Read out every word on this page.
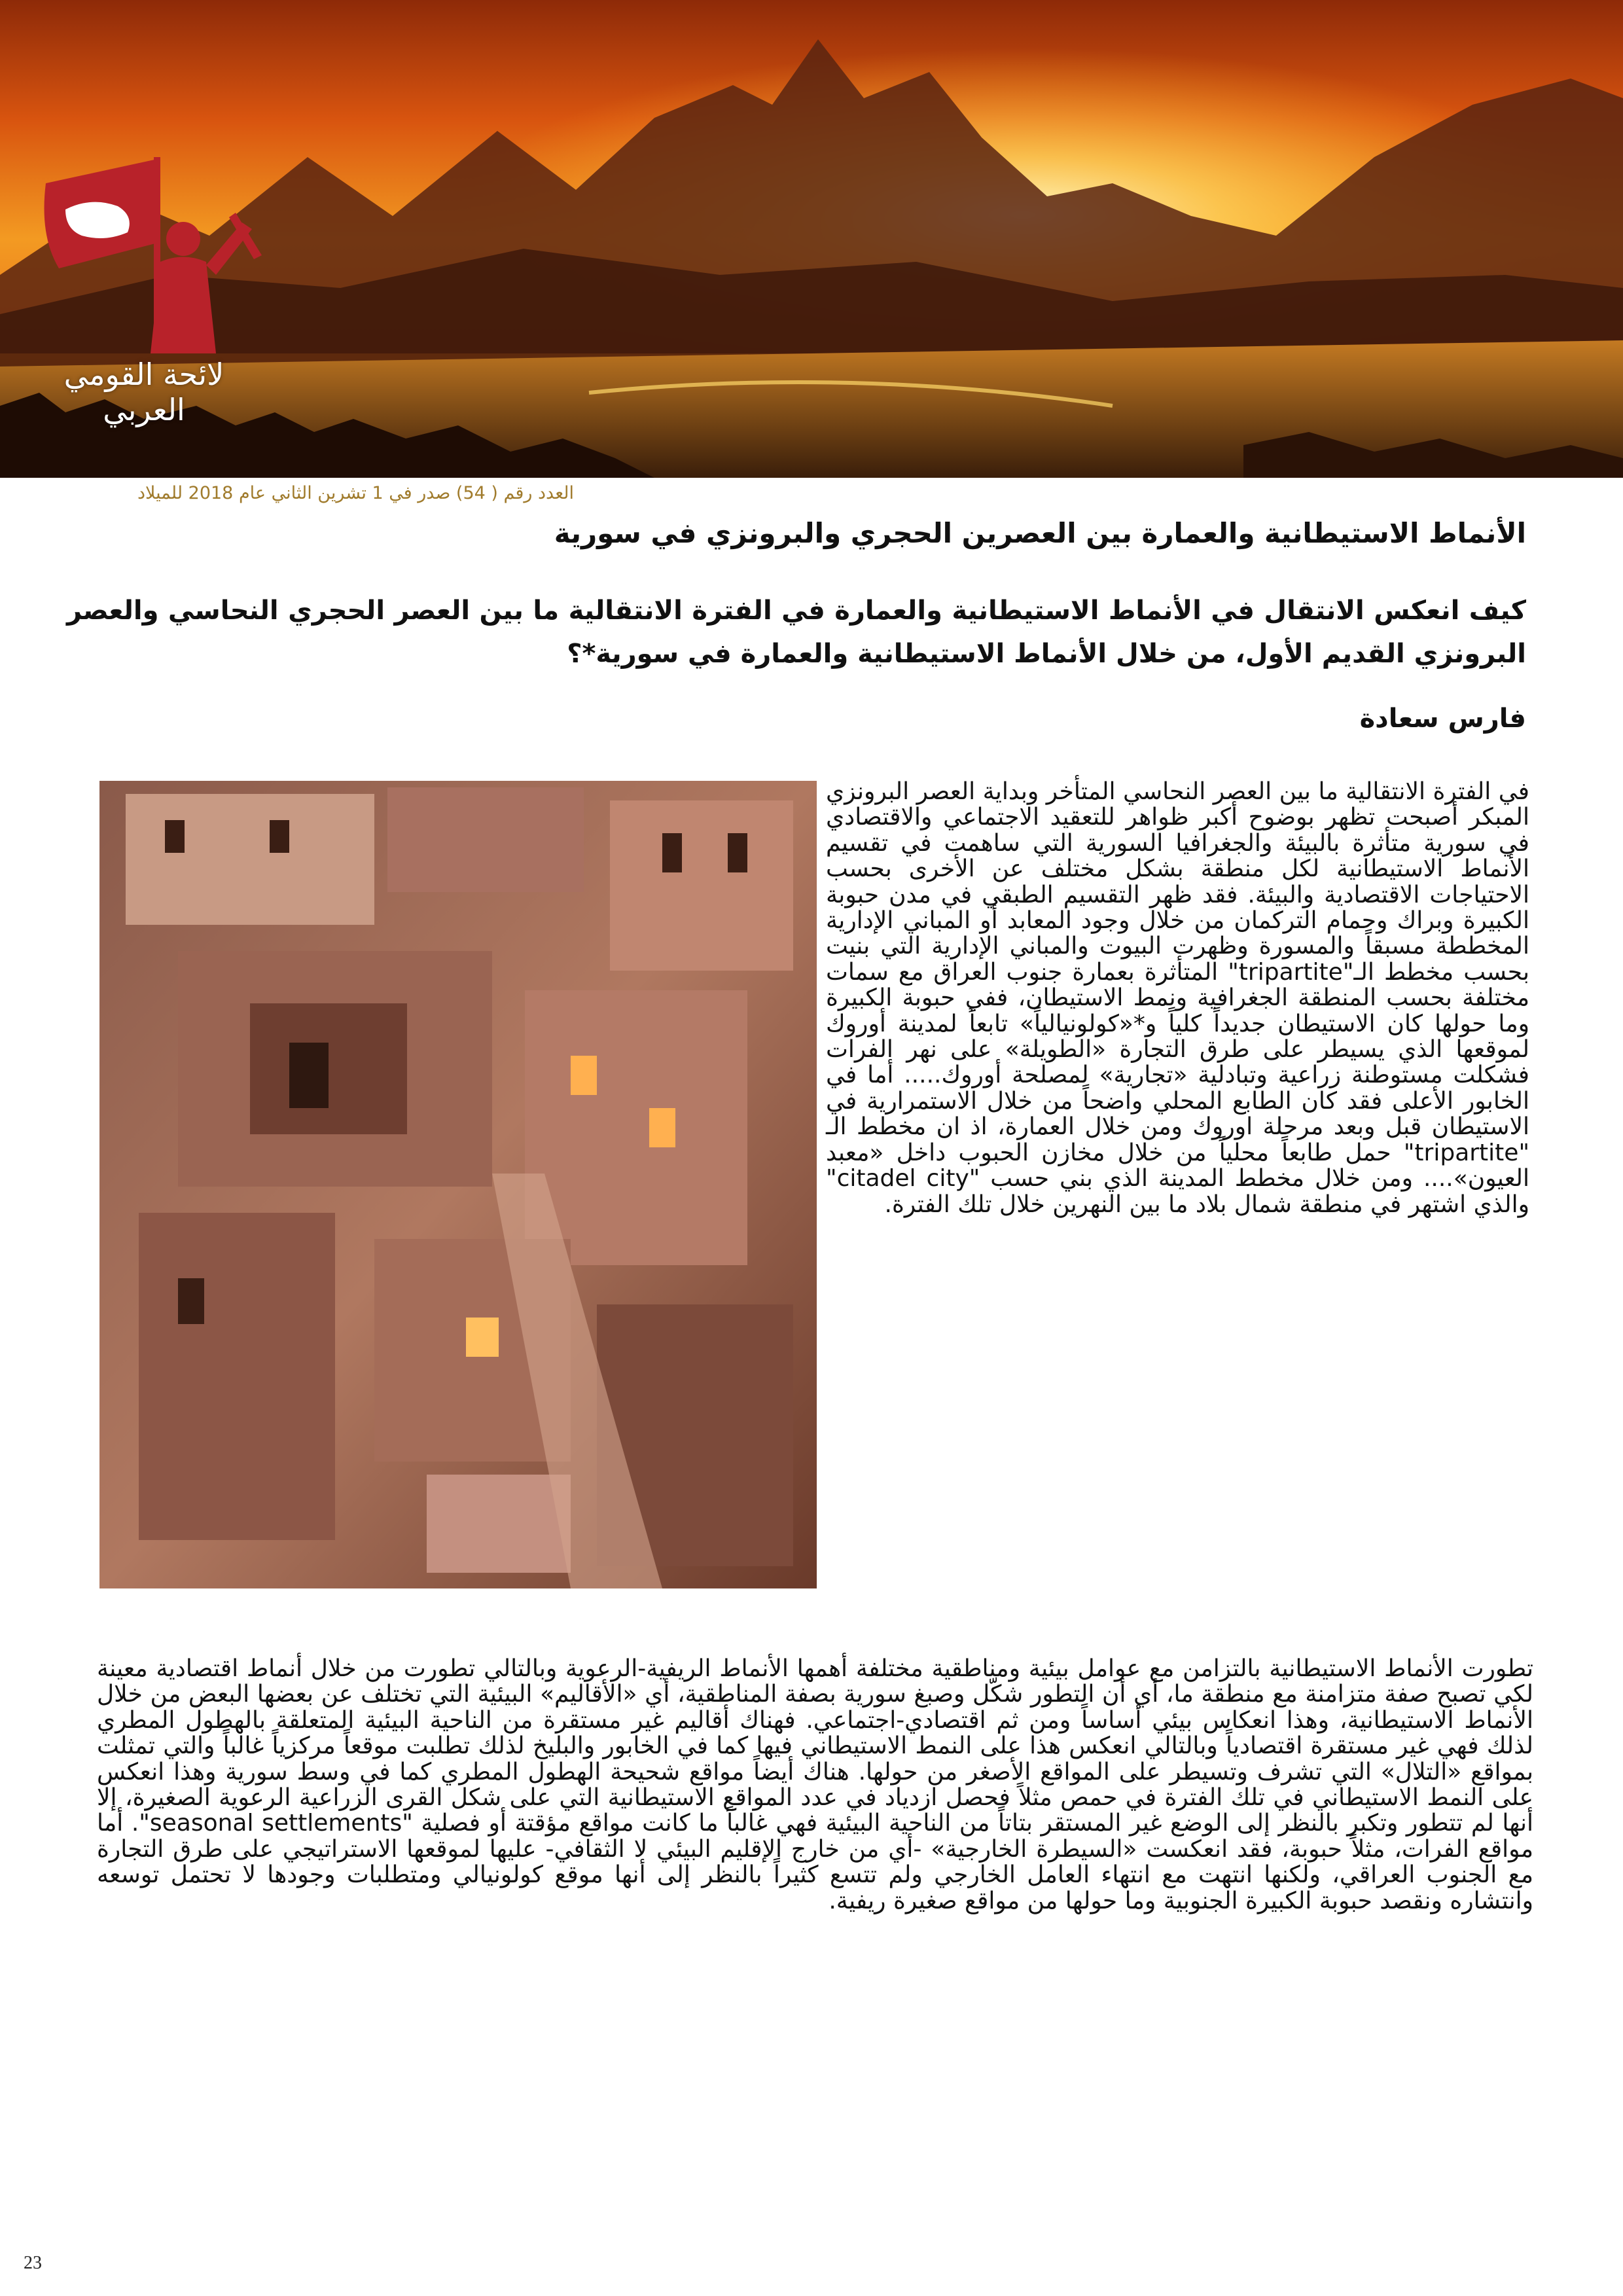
لائحة القومي العربي
العدد رقم ( 54) صدر في 1 تشرين الثاني عام 2018 للميلاد
الأنماط الاستيطانية والعمارة بين العصرين الحجري والبرونزي في سورية
كيف انعكس الانتقال في الأنماط الاستيطانية والعمارة في الفترة الانتقالية ما بين العصر الحجري النحاسي والعصر البرونزي القديم الأول، من خلال الأنماط الاستيطانية والعمارة في سورية*؟
فارس سعادة
في الفترة الانتقالية ما بين العصر النحاسي المتأخر وبداية العصر البرونزي المبكر أصبحت تظهر بوضوح أكبر ظواهر للتعقيد الاجتماعي والاقتصادي في سورية متأثرة بالبيئة والجغرافيا السورية التي ساهمت في تقسيم الأنماط الاستيطانية لكل منطقة بشكل مختلف عن الأخرى بحسب الاحتياجات الاقتصادية والبيئة. فقد ظهر التقسيم الطبقي في مدن حبوبة الكبيرة وبراك وحمام التركمان من خلال وجود المعابد أو المباني الإدارية المخططة مسبقاً والمسورة وظهرت البيوت والمباني الإدارية التي بنيت بحسب مخطط الـ"tripartite" المتأثرة بعمارة جنوب العراق مع سمات مختلفة بحسب المنطقة الجغرافية ونمط الاستيطان، ففي حبوبة الكبيرة وما حولها كان الاستيطان جديداً كلياً و*«كولونيالياً» تابعاً لمدينة أوروك لموقعها الذي يسيطر على طرق التجارة «الطويلة» على نهر الفرات فشكلت مستوطنة زراعية وتبادلية «تجارية» لمصلحة أوروك..... أما في الخابور الأعلى فقد كان الطابع المحلي واضحاً من خلال الاستمرارية في الاستيطان قبل وبعد مرحلة اوروك ومن خلال العمارة، اذ ان مخطط الـ "tripartite" حمل طابعاً محلياً من خلال مخازن الحبوب داخل «معبد العيون».... ومن خلال مخطط المدينة الذي بني حسب "citadel city" والذي اشتهر في منطقة شمال بلاد ما بين النهرين خلال تلك الفترة.
تطورت الأنماط الاستيطانية بالتزامن مع عوامل بيئية ومناطقية مختلفة أهمها الأنماط الريفية-الرعوية وبالتالي تطورت من خلال أنماط اقتصادية معينة لكي تصبح صفة متزامنة مع منطقة ما، أي أن التطور شكّل وصبغ سورية بصفة المناطقية، أي «الأقاليم» البيئية التي تختلف عن بعضها البعض من خلال الأنماط الاستيطانية، وهذا انعكاس بيئي أساساً ومن ثم اقتصادي-اجتماعي. فهناك أقاليم غير مستقرة من الناحية البيئية المتعلقة بالهطول المطري لذلك فهي غير مستقرة اقتصادياً وبالتالي انعكس هذا على النمط الاستيطاني فيها كما في الخابور والبليخ لذلك تطلبت موقعاً مركزياً غالباً والتي تمثلت بمواقع «التلال» التي تشرف وتسيطر على المواقع الأصغر من حولها. هناك أيضاً مواقع شحيحة الهطول المطري كما في وسط سورية وهذا انعكس على النمط الاستيطاني في تلك الفترة في حمص مثلاً فحصل ازدياد في عدد المواقع الاستيطانية التي على شكل القرى الزراعية الرعوية الصغيرة، إلا أنها لم تتطور وتكبر بالنظر إلى الوضع غير المستقر بتاتاً من الناحية البيئية فهي غالباً ما كانت مواقع مؤقتة أو فصلية "seasonal settlements". أما مواقع الفرات، مثلاً حبوبة، فقد انعكست «السيطرة الخارجية» -أي من خارج الإقليم البيئي لا الثقافي- عليها لموقعها الاستراتيجي على طرق التجارة مع الجنوب العراقي، ولكنها انتهت مع انتهاء العامل الخارجي ولم تتسع كثيراً بالنظر إلى أنها موقع كولونيالي ومتطلبات وجودها لا تحتمل توسعه وانتشاره ونقصد حبوبة الكبيرة الجنوبية وما حولها من مواقع صغيرة ريفية.
23
